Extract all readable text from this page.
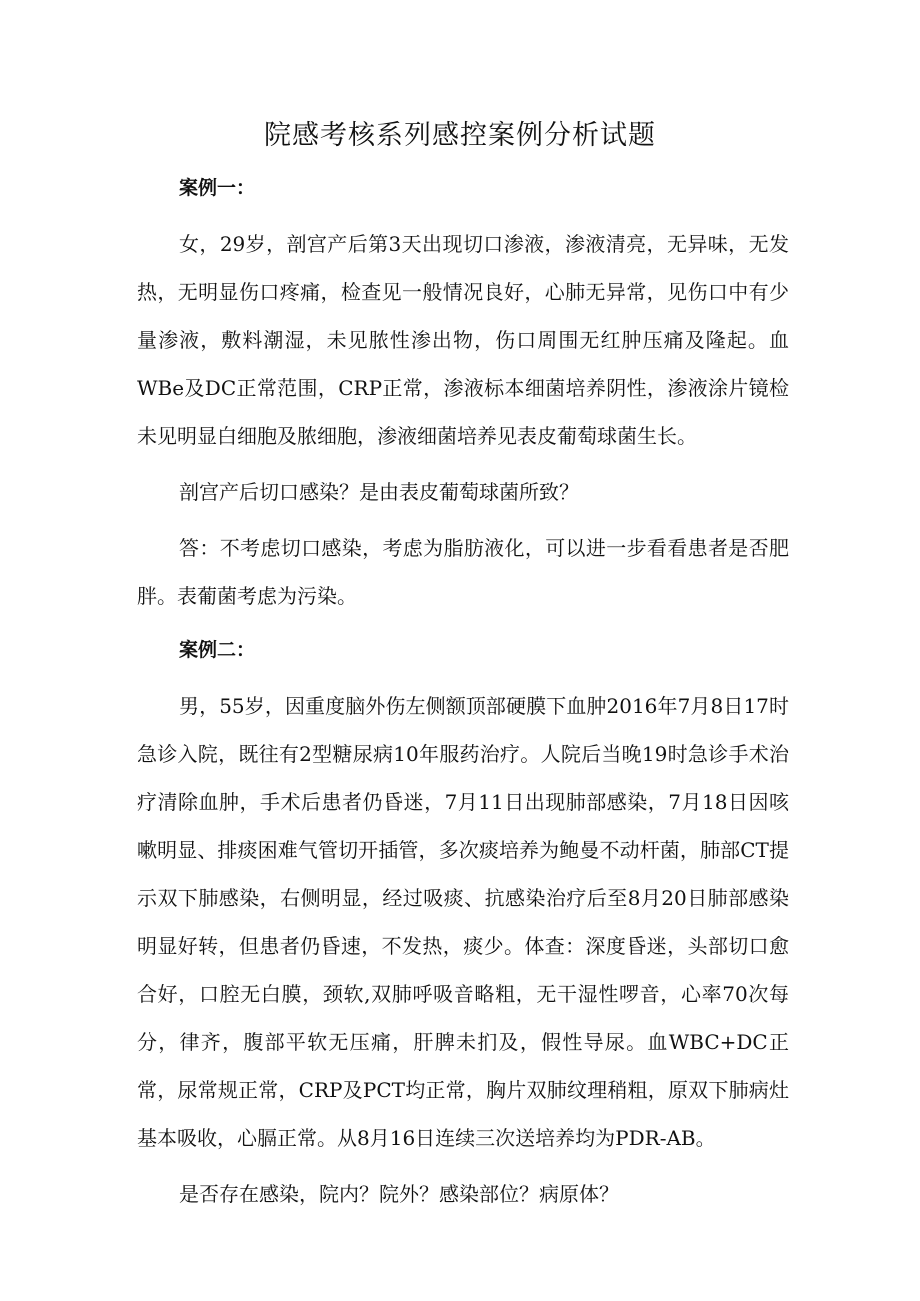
院感考核系列感控案例分析试题
案例一：

女，29岁，剖宫产后第3天出现切口渗液，渗液清亮，无异味，无发热，无明显伤口疼痛，检查见一般情况良好，心肺无异常，见伤口中有少量渗液，敷料潮湿，未见脓性渗出物，伤口周围无红肿压痛及隆起。血WBe及DC正常范围，CRP正常，渗液标本细菌培养阴性，渗液涂片镜检未见明显白细胞及脓细胞，渗液细菌培养见表皮葡萄球菌生长。

剖宫产后切口感染？是由表皮葡萄球菌所致？

答：不考虑切口感染，考虑为脂肪液化，可以进一步看看患者是否肥胖。表葡菌考虑为污染。

案例二：

男，55岁，因重度脑外伤左侧额顶部硬膜下血肿2016年7月8日17时急诊入院，既往有2型糖尿病10年服药治疗。人院后当晚19时急诊手术治疗清除血肿，手术后患者仍昏迷，7月11日出现肺部感染，7月18日因咳嗽明显、排痰困难气管切开插管，多次痰培养为鲍曼不动杆菌，肺部CT提示双下肺感染，右侧明显，经过吸痰、抗感染治疗后至8月20日肺部感染明显好转，但患者仍昏速，不发热，痰少。体查：深度昏迷，头部切口愈合好，口腔无白膜，颈软,双肺呼吸音略粗，无干湿性啰音，心率70次每分，律齐，腹部平软无压痛，肝脾未扪及，假性导尿。血WBC+DC正常，尿常规正常，CRP及PCT均正常，胸片双肺纹理稍粗，原双下肺病灶基本吸收，心膈正常。从8月16日连续三次送培养均为PDR-AB。

是否存在感染，院内？院外？感染部位？病原体？
